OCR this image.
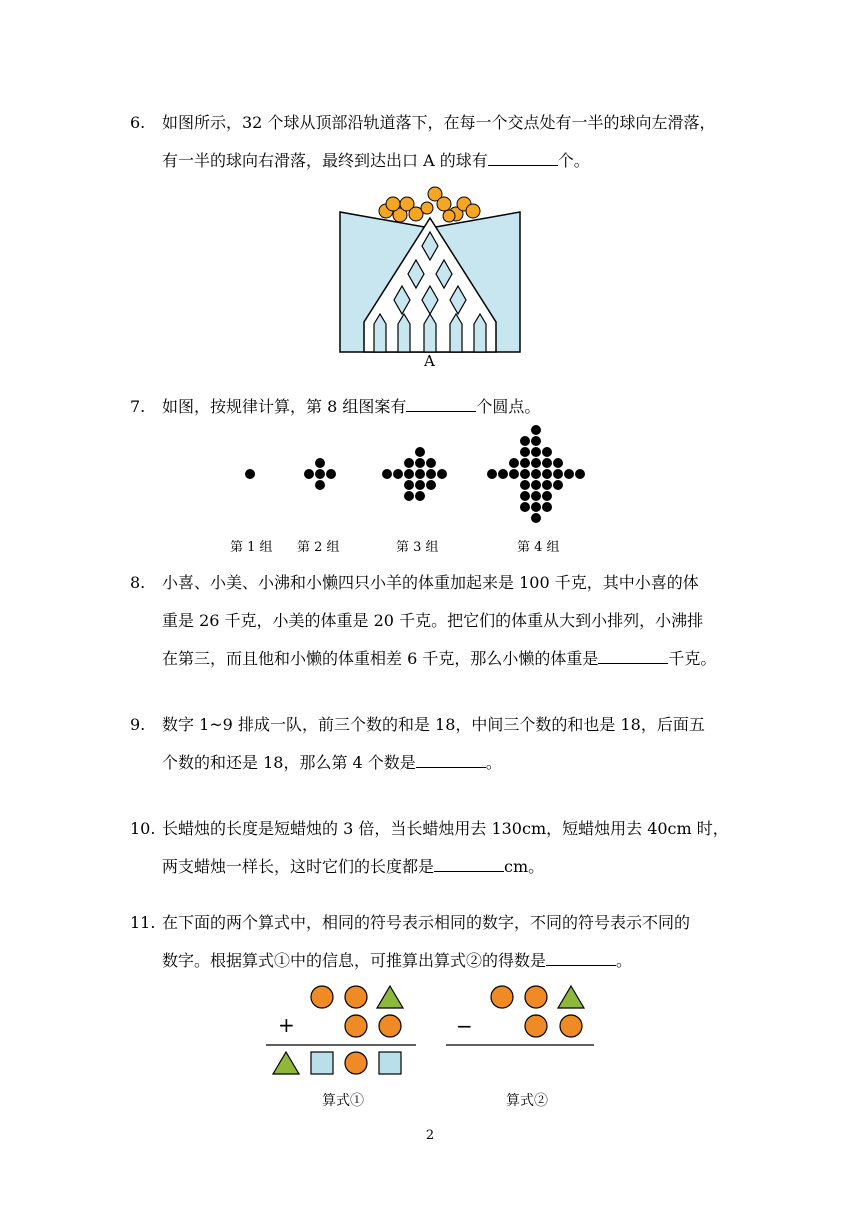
6. 如图所示，32 个球从顶部沿轨道落下，在每一个交点处有一半的球向左滑落，
有一半的球向右滑落，最终到达出口 A 的球有	个。
A
7. 如图，按规律计算，第 8 组图案有	个圆点。
第 1 组 第 2 组	第 3 组	第 4 组
8. 小喜、小美、小沸和小懒四只小羊的体重加起来是 100 千克，其中小喜的体
重是 26 千克，小美的体重是 20 千克。把它们的体重从大到小排列，小沸排
在第三，而且他和小懒的体重相差 6 千克，那么小懒的体重是	千克。
9. 数字 1~9 排成一队，前三个数的和是 18，中间三个数的和也是 18，后面五
个数的和还是 18，那么第 4 个数是	。
10. 长蜡烛的长度是短蜡烛的 3 倍，当长蜡烛用去 130cm，短蜡烛用去 40cm 时，
两支蜡烛一样长，这时它们的长度都是	cm。
11. 在下面的两个算式中，相同的符号表示相同的数字，不同的符号表示不同的
数字。根据算式①中的信息，可推算出算式②的得数是	。
+	−
算式①	算式②
2
